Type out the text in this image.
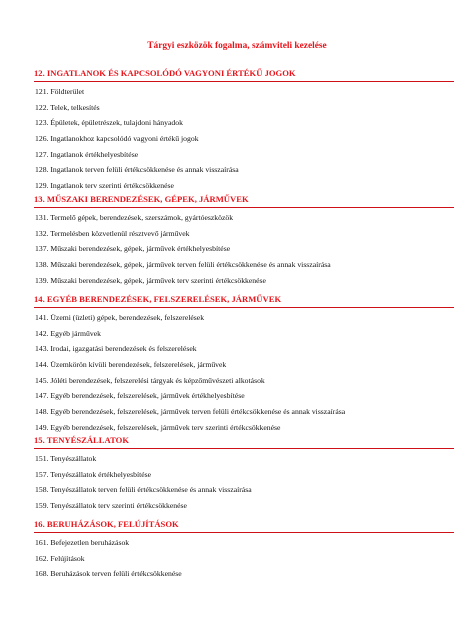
Tárgyi eszközök fogalma, számviteli kezelése
12. INGATLANOK ÉS KAPCSOLÓDÓ VAGYONI ÉRTÉKŰ JOGOK
121. Földterület
122. Telek, telkesítés
123. Épületek, épületrészek, tulajdoni hányadok
126. Ingatlanokhoz kapcsolódó vagyoni értékű jogok
127. Ingatlanok értékhelyesbítése
128. Ingatlanok terven felüli értékcsökkenése és annak visszaírása
129. Ingatlanok terv szerinti értékcsökkenése
13. MŰSZAKI BERENDEZÉSEK, GÉPEK, JÁRMŰVEK
131. Termelő gépek, berendezések, szerszámok, gyártóeszközök
132. Termelésben közvetlenül résztvevő járművek
137. Műszaki berendezések, gépek, járművek értékhelyesbítése
138. Műszaki berendezések, gépek, járművek terven felüli értékcsökkenése és annak visszaírása
139. Műszaki berendezések, gépek, járművek terv szerinti értékcsökkenése
14. EGYÉB BERENDEZÉSEK, FELSZERELÉSEK, JÁRMŰVEK
141. Üzemi (üzleti) gépek, berendezések, felszerelések
142. Egyéb járművek
143. Irodai, igazgatási berendezések és felszerelések
144. Üzemkörön kívüli berendezések, felszerelések, járművek
145. Jóléti berendezések, felszerelési tárgyak és képzőművészeti alkotások
147. Egyéb berendezések, felszerelések, járművek értékhelyesbítése
148. Egyéb berendezések, felszerelések, járművek terven felüli értékcsökkenése és annak visszaírása
149. Egyéb berendezések, felszerelések, járművek terv szerinti értékcsökkenése
15. TENYÉSZÁLLATOK
151. Tenyészállatok
157. Tenyészállatok értékhelyesbítése
158. Tenyészállatok terven felüli értékcsökkenése és annak visszaírása
159. Tenyészállatok terv szerinti értékcsökkenése
16. BERUHÁZÁSOK, FELÚJÍTÁSOK
161. Befejezetlen beruházások
162. Felújítások
168. Beruházások terven felüli értékcsökkenése
